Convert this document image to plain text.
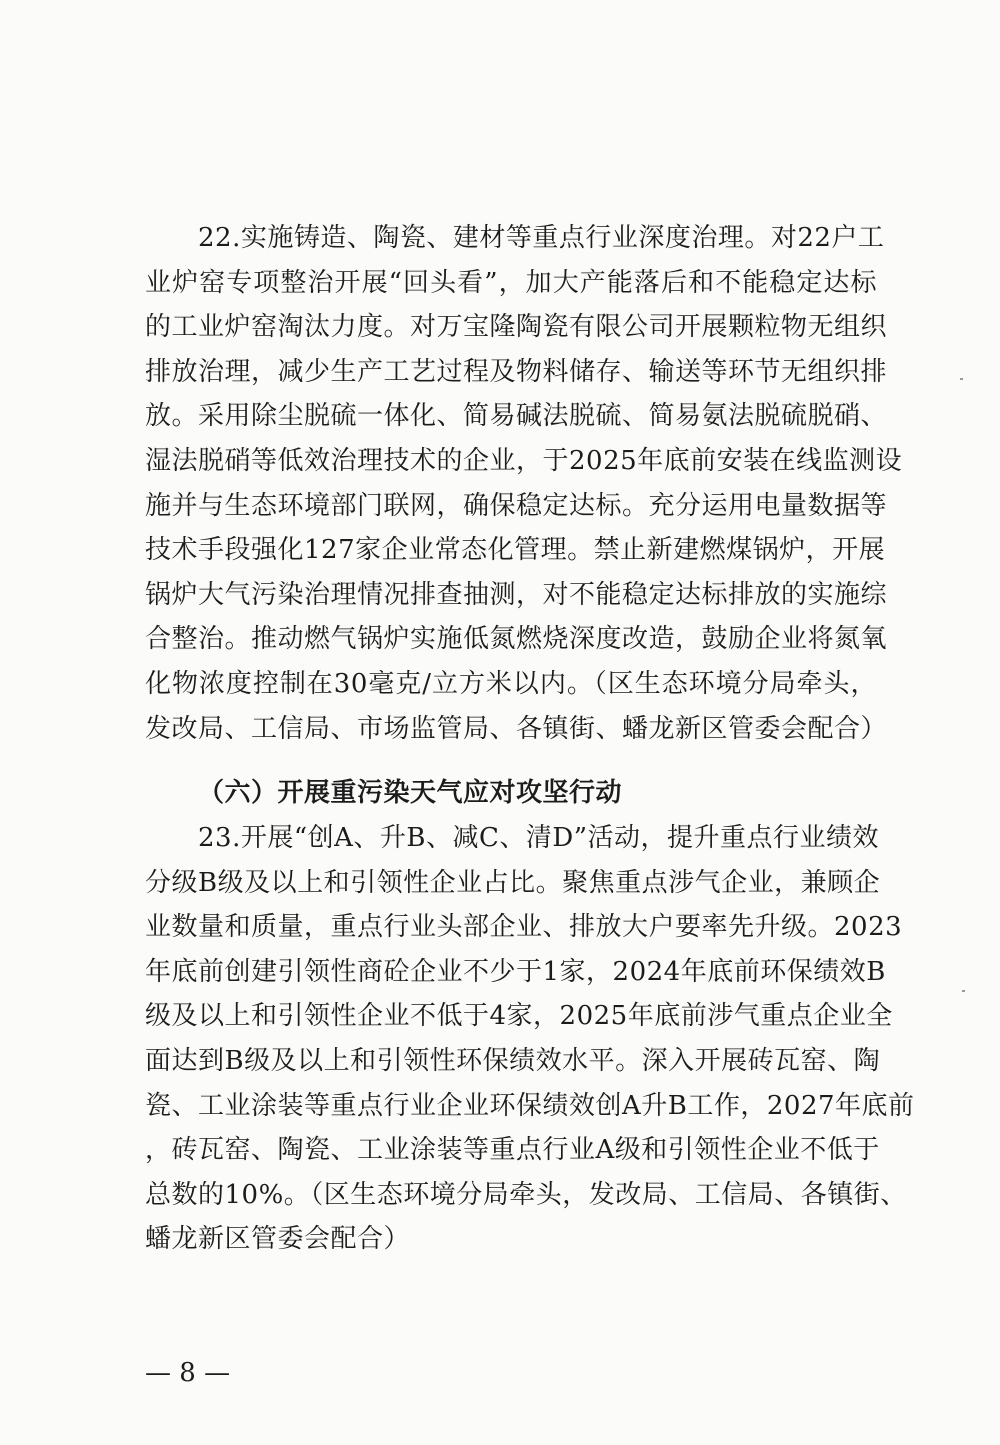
22.实施铸造、陶瓷、建材等重点行业深度治理。对22户工
业炉窑专项整治开展“回头看”，加大产能落后和不能稳定达标
的工业炉窑淘汰力度。对万宝隆陶瓷有限公司开展颗粒物无组织
排放治理，减少生产工艺过程及物料储存、输送等环节无组织排
放。采用除尘脱硫一体化、简易碱法脱硫、简易氨法脱硫脱硝、
湿法脱硝等低效治理技术的企业，于2025年底前安装在线监测设
施并与生态环境部门联网，确保稳定达标。充分运用电量数据等
技术手段强化127家企业常态化管理。禁止新建燃煤锅炉，开展
锅炉大气污染治理情况排查抽测，对不能稳定达标排放的实施综
合整治。推动燃气锅炉实施低氮燃烧深度改造，鼓励企业将氮氧
化物浓度控制在30毫克/立方米以内。（区生态环境分局牵头，
发改局、工信局、市场监管局、各镇街、蟠龙新区管委会配合）
23.开展“创A、升B、减C、清D”活动，提升重点行业绩效
分级B级及以上和引领性企业占比。聚焦重点涉气企业，兼顾企
业数量和质量，重点行业头部企业、排放大户要率先升级。2023
年底前创建引领性商砼企业不少于1家，2024年底前环保绩效B
级及以上和引领性企业不低于4家，2025年底前涉气重点企业全
面达到B级及以上和引领性环保绩效水平。深入开展砖瓦窑、陶
瓷、工业涂装等重点行业企业环保绩效创A升B工作，2027年底前
，砖瓦窑、陶瓷、工业涂装等重点行业A级和引领性企业不低于
总数的10%。（区生态环境分局牵头，发改局、工信局、各镇街、
蟠龙新区管委会配合）
（六）开展重污染天气应对攻坚行动
— 8 —
